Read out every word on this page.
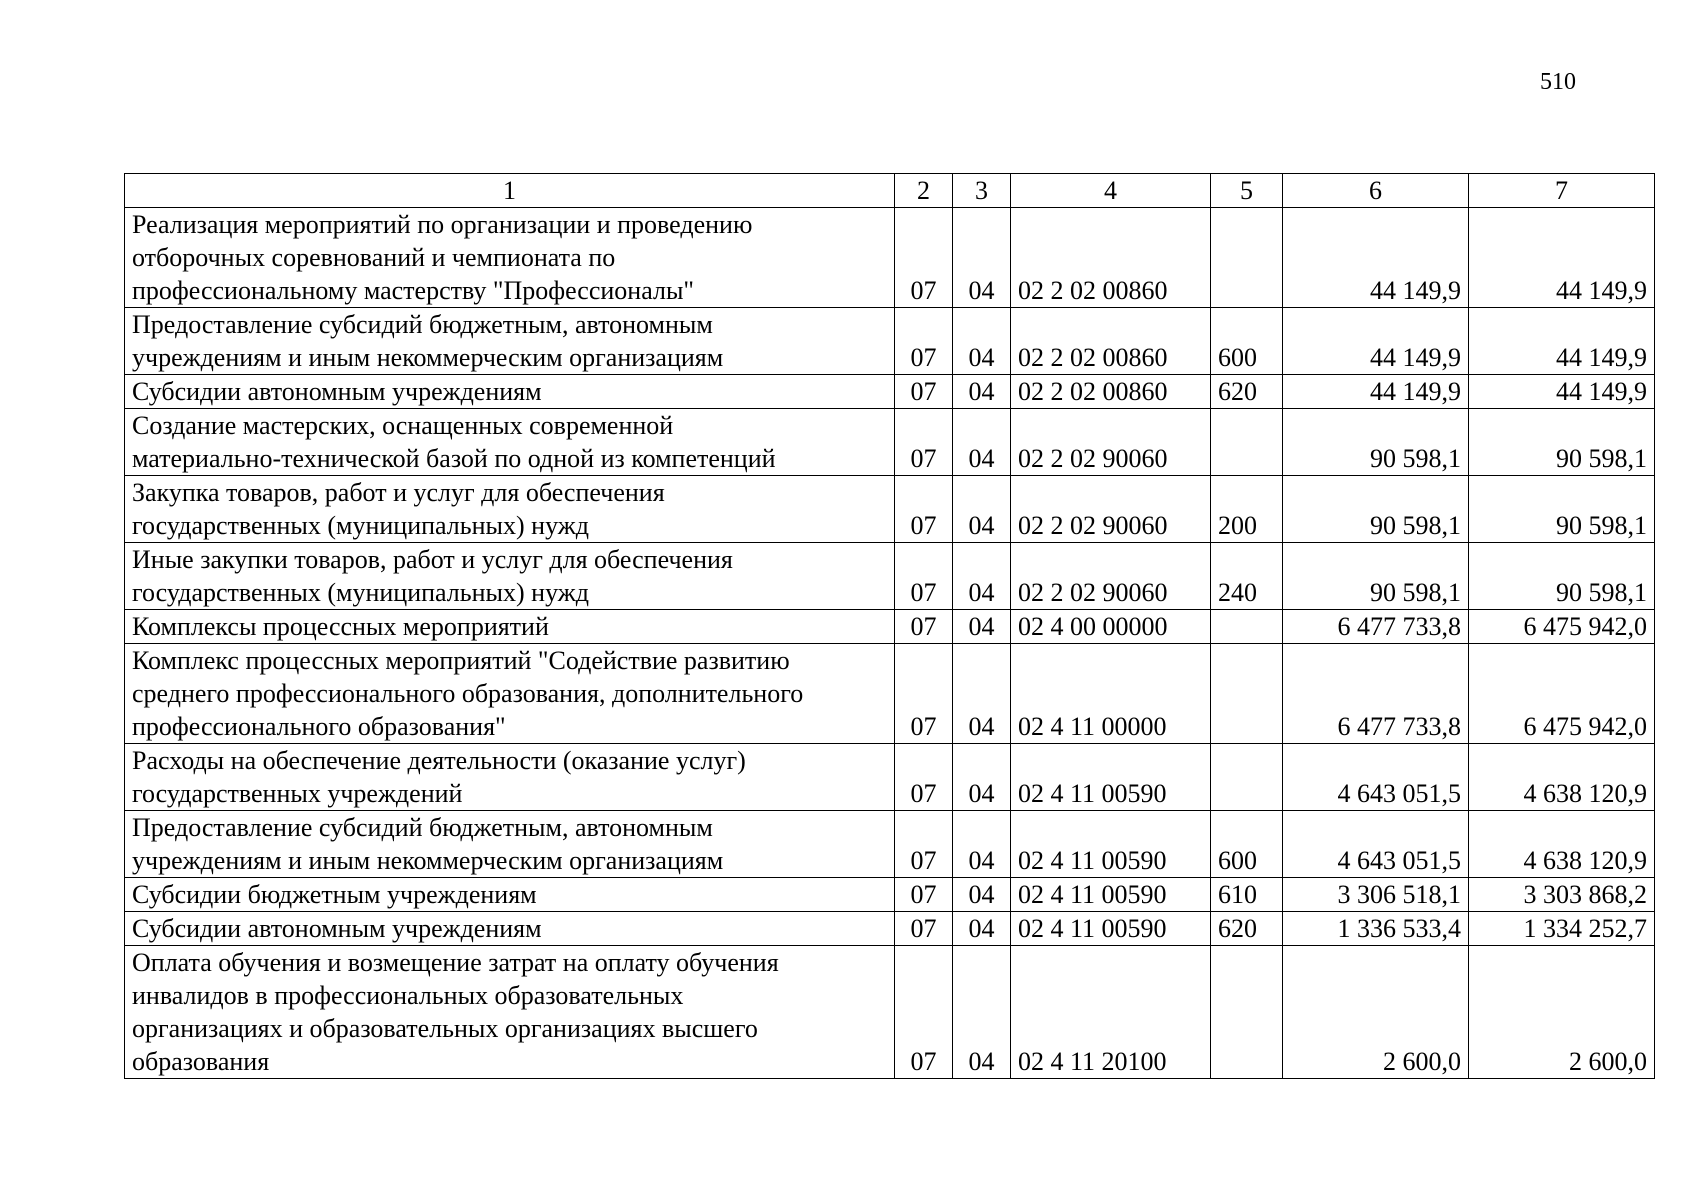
510
1	2	3	4	5	6	7

Реализация мероприятий по организации и проведению
отборочных соревнований и чемпионата по
профессиональному мастерству "Профессионалы"	07	04	02 2 02 00860		44 149,9	44 149,9

Предоставление субсидий бюджетным, автономным
учреждениям и иным некоммерческим организациям	07	04	02 2 02 00860	600	44 149,9	44 149,9

Субсидии автономным учреждениям	07	04	02 2 02 00860	620	44 149,9	44 149,9

Создание мастерских, оснащенных современной
материально-технической базой по одной из компетенций	07	04	02 2 02 90060		90 598,1	90 598,1

Закупка товаров, работ и услуг для обеспечения
государственных (муниципальных) нужд	07	04	02 2 02 90060	200	90 598,1	90 598,1

Иные закупки товаров, работ и услуг для обеспечения
государственных (муниципальных) нужд	07	04	02 2 02 90060	240	90 598,1	90 598,1

Комплексы процессных мероприятий	07	04	02 4 00 00000		6 477 733,8	6 475 942,0

Комплекс процессных мероприятий "Содействие развитию
среднего профессионального образования, дополнительного
профессионального образования"	07	04	02 4 11 00000		6 477 733,8	6 475 942,0

Расходы на обеспечение деятельности (оказание услуг)
государственных учреждений	07	04	02 4 11 00590		4 643 051,5	4 638 120,9

Предоставление субсидий бюджетным, автономным
учреждениям и иным некоммерческим организациям	07	04	02 4 11 00590	600	4 643 051,5	4 638 120,9

Субсидии бюджетным учреждениям	07	04	02 4 11 00590	610	3 306 518,1	3 303 868,2

Субсидии автономным учреждениям	07	04	02 4 11 00590	620	1 336 533,4	1 334 252,7

Оплата обучения и возмещение затрат на оплату обучения
инвалидов в профессиональных образовательных
организациях и образовательных организациях высшего
образования	07	04	02 4 11 20100		2 600,0	2 600,0
